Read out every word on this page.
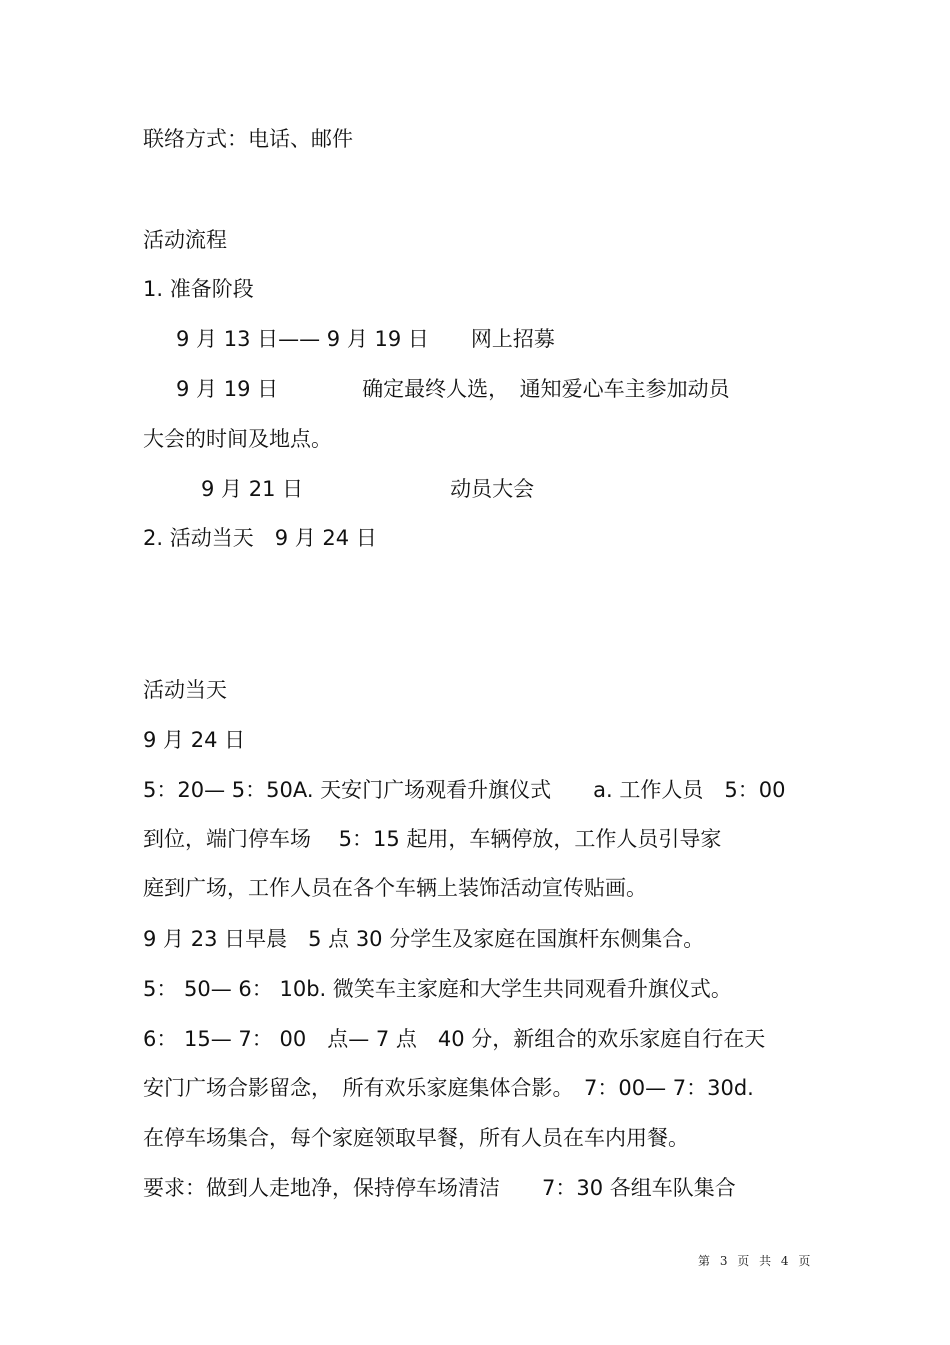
联络方式：电话、邮件
活动流程
1. 准备阶段
9 月 13 日—— 9 月 19 日　　网上招募
9 月 19 日　　　　确定最终人选，　通知爱心车主参加动员
大会的时间及地点。
9 月 21 日　　　　　　　动员大会
2. 活动当天　9 月 24 日
活动当天
9 月 24 日
5：20— 5：50A. 天安门广场观看升旗仪式　　a. 工作人员　5：00
到位，端门停车场　 5：15 起用，车辆停放，工作人员引导家
庭到广场，工作人员在各个车辆上装饰活动宣传贴画。
9 月 23 日早晨　5 点 30 分学生及家庭在国旗杆东侧集合。
5： 50— 6： 10b. 微笑车主家庭和大学生共同观看升旗仪式。
6： 15— 7： 00　点— 7 点　40 分，新组合的欢乐家庭自行在天
安门广场合影留念，　所有欢乐家庭集体合影。　7：00— 7：30d.
在停车场集合，每个家庭领取早餐，所有人员在车内用餐。
要求：做到人走地净，保持停车场清洁　　7：30 各组车队集合
第 3 页 共 4 页
